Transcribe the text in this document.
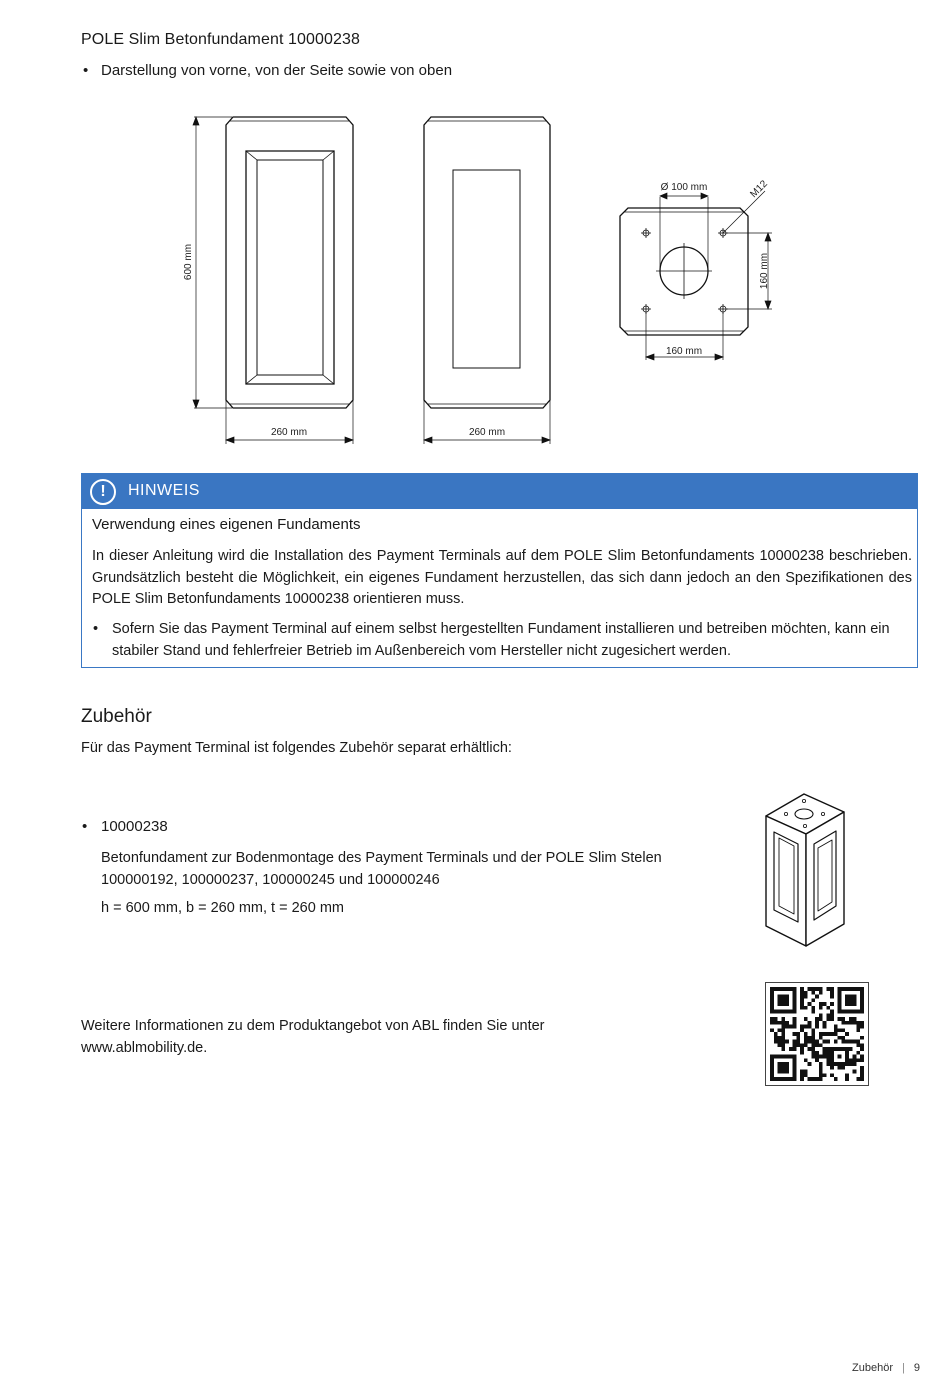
POLE Slim Betonfundament 10000238
• Darstellung von vorne, von der Seite sowie von oben
600 mm
260 mm	260 mm
Ø 100 mm	M12
160 mm
160 mm
!	HINWEIS
Verwendung eines eigenen Fundaments
In dieser Anleitung wird die Installation des Payment Terminals auf dem POLE Slim Betonfundaments 10000238 beschrieben. Grundsätzlich besteht die Möglichkeit, ein eigenes Fundament herzustellen, das sich dann jedoch an den Spezifikationen des POLE Slim Betonfundaments 10000238 orientieren muss.
• Sofern Sie das Payment Terminal auf einem selbst hergestellten Fundament installieren und betreiben möchten, kann ein stabiler Stand und fehlerfreier Betrieb im Außenbereich vom Hersteller nicht zugesichert werden.
Zubehör
Für das Payment Terminal ist folgendes Zubehör separat erhältlich:
• 10000238
Betonfundament zur Bodenmontage des Payment Terminals und der POLE Slim Stelen 100000192, 100000237, 100000245 und 100000246
h = 600 mm, b = 260 mm, t = 260 mm
Weitere Informationen zu dem Produktangebot von ABL finden Sie unter
www.ablmobility.de.
Zubehör | 9
